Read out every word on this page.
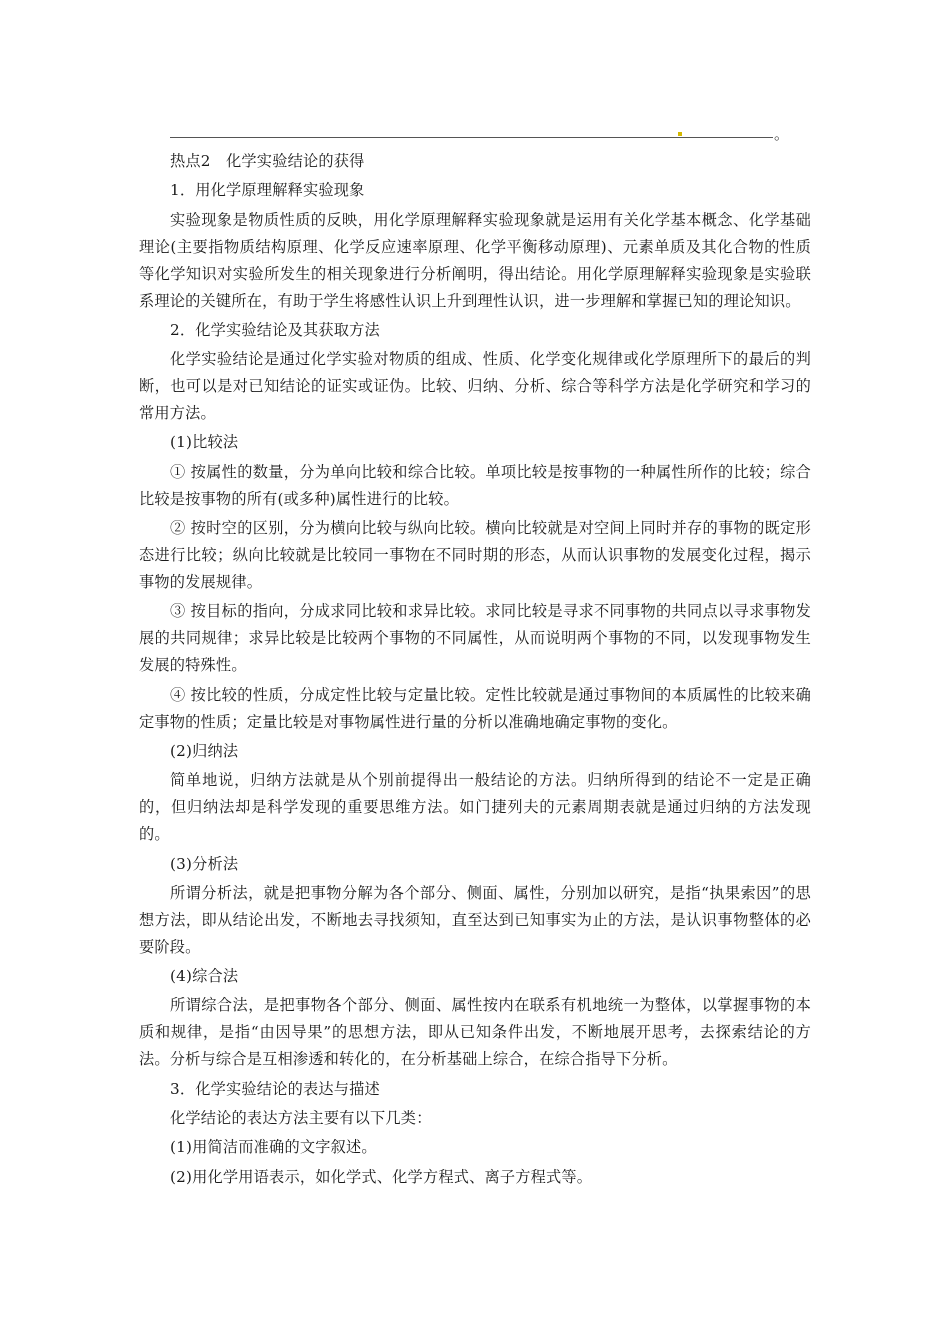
。

热点2　化学实验结论的获得

1．用化学原理解释实验现象

实验现象是物质性质的反映，用化学原理解释实验现象就是运用有关化学基本概念、化学基础理论(主要指物质结构原理、化学反应速率原理、化学平衡移动原理)、元素单质及其化合物的性质等化学知识对实验所发生的相关现象进行分析阐明，得出结论。用化学原理解释实验现象是实验联系理论的关键所在，有助于学生将感性认识上升到理性认识，进一步理解和掌握已知的理论知识。

2．化学实验结论及其获取方法

化学实验结论是通过化学实验对物质的组成、性质、化学变化规律或化学原理所下的最后的判断，也可以是对已知结论的证实或证伪。比较、归纳、分析、综合等科学方法是化学研究和学习的常用方法。

(1)比较法

① 按属性的数量，分为单向比较和综合比较。单项比较是按事物的一种属性所作的比较；综合比较是按事物的所有(或多种)属性进行的比较。

② 按时空的区别，分为横向比较与纵向比较。横向比较就是对空间上同时并存的事物的既定形态进行比较；纵向比较就是比较同一事物在不同时期的形态，从而认识事物的发展变化过程，揭示事物的发展规律。

③ 按目标的指向，分成求同比较和求异比较。求同比较是寻求不同事物的共同点以寻求事物发展的共同规律；求异比较是比较两个事物的不同属性，从而说明两个事物的不同，以发现事物发生发展的特殊性。

④ 按比较的性质，分成定性比较与定量比较。定性比较就是通过事物间的本质属性的比较来确定事物的性质；定量比较是对事物属性进行量的分析以准确地确定事物的变化。

(2)归纳法

简单地说，归纳方法就是从个别前提得出一般结论的方法。归纳所得到的结论不一定是正确的，但归纳法却是科学发现的重要思维方法。如门捷列夫的元素周期表就是通过归纳的方法发现的。

(3)分析法

所谓分析法，就是把事物分解为各个部分、侧面、属性，分别加以研究，是指“执果索因”的思想方法，即从结论出发，不断地去寻找须知，直至达到已知事实为止的方法，是认识事物整体的必要阶段。

(4)综合法

所谓综合法，是把事物各个部分、侧面、属性按内在联系有机地统一为整体，以掌握事物的本质和规律，是指“由因导果”的思想方法，即从已知条件出发，不断地展开思考，去探索结论的方法。分析与综合是互相渗透和转化的，在分析基础上综合，在综合指导下分析。

3．化学实验结论的表达与描述

化学结论的表达方法主要有以下几类：

(1)用简洁而准确的文字叙述。

(2)用化学用语表示，如化学式、化学方程式、离子方程式等。
